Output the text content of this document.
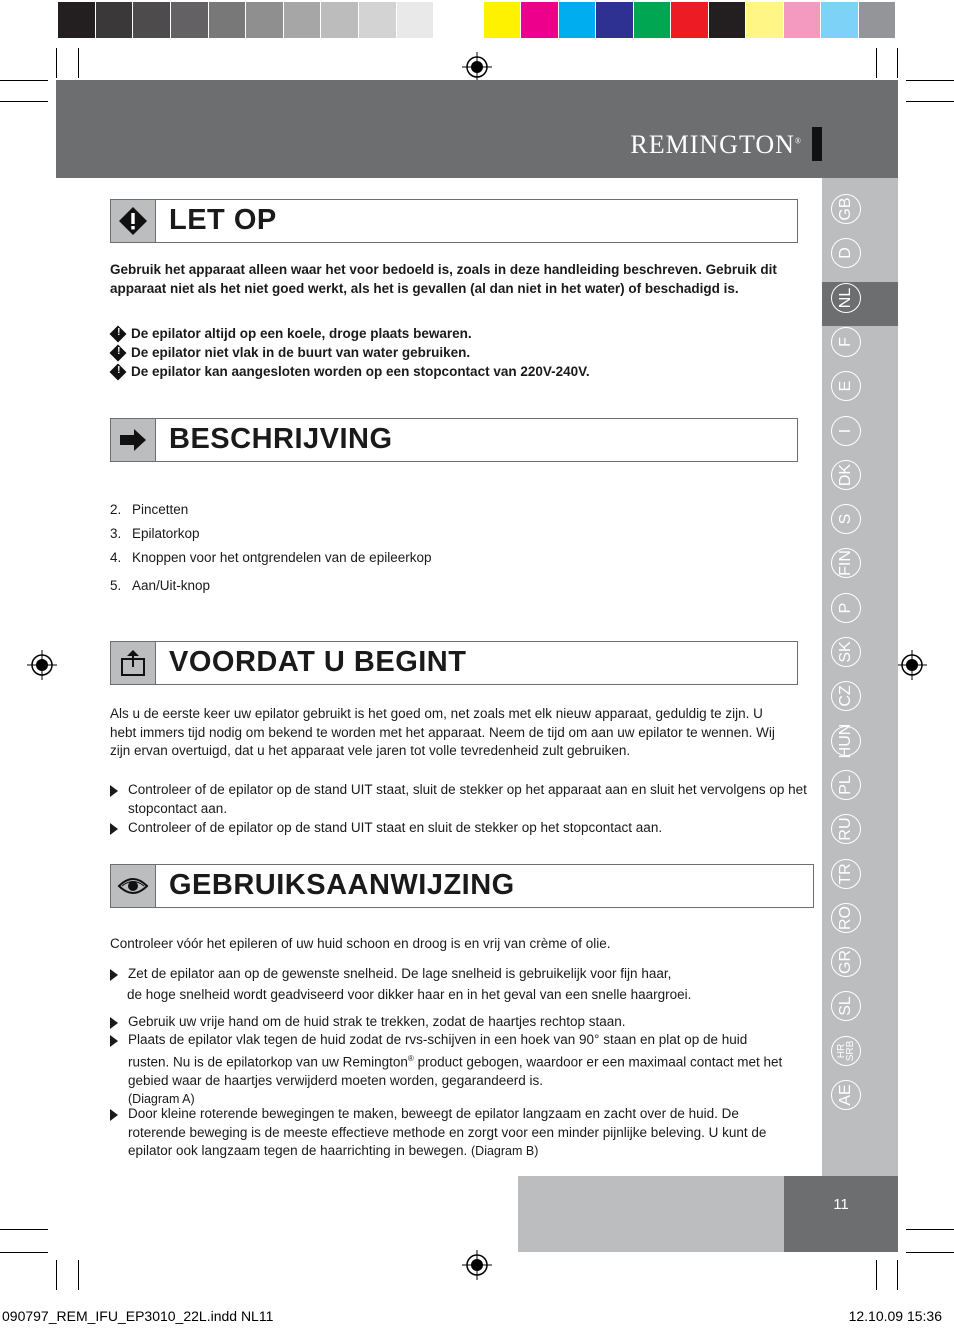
REMINGTON®
GB
D
NL
F
E
I
DK
S
FIN
P
SK
CZ
HUN
PL
RU
TR
RO
GR
SL
HR
SRB
AE
LET OP
Gebruik het apparaat alleen waar het voor bedoeld is, zoals in deze handleiding beschreven. Gebruik dit apparaat niet als het niet goed werkt, als het is gevallen (al dan niet in het water) of beschadigd is.
!
De epilator altijd op een koele, droge plaats bewaren.
!
De epilator niet vlak in de buurt van water gebruiken.
!
De epilator kan aangesloten worden op een stopcontact van 220V-240V.
BESCHRIJVING
2. Pincetten
3. Epilatorkop
4. Knoppen voor het ontgrendelen van de epileerkop
5. Aan/Uit-knop
VOORDAT U BEGINT
Als u de eerste keer uw epilator gebruikt is het goed om, net zoals met elk nieuw apparaat, geduldig te zijn. U hebt immers tijd nodig om bekend te worden met het apparaat. Neem de tijd om aan uw epilator te wennen. Wij zijn ervan overtuigd, dat u het apparaat vele jaren tot volle tevredenheid zult gebruiken.
Controleer of de epilator op de stand UIT staat, sluit de stekker op het apparaat aan en sluit het vervolgens op het stopcontact aan.
Controleer of de epilator op de stand UIT staat en sluit de stekker op het stopcontact aan.
GEBRUIKSAANWIJZING
Controleer vóór het epileren of uw huid schoon en droog is en vrij van crème of olie.
Zet de epilator aan op de gewenste snelheid. De lage snelheid is gebruikelijk voor fijn haar,
de hoge snelheid wordt geadviseerd voor dikker haar en in het geval van een snelle haargroei.
Gebruik uw vrije hand om de huid strak te trekken, zodat de haartjes rechtop staan.
Plaats de epilator vlak tegen de huid zodat de rvs-schijven in een hoek van 90° staan en plat op de huid rusten. Nu is de epilatorkop van uw Remington® product gebogen, waardoor er een maximaal contact met het gebied waar de haartjes verwijderd moeten worden, gegarandeerd is.
(Diagram A)
Door kleine roterende bewegingen te maken, beweegt de epilator langzaam en zacht over de huid. De roterende beweging is de meeste effectieve methode en zorgt voor een minder pijnlijke beleving. U kunt de epilator ook langzaam tegen de haarrichting in bewegen. (Diagram B)
11
090797_REM_IFU_EP3010_22L.indd NL11	12.10.09 15:36
